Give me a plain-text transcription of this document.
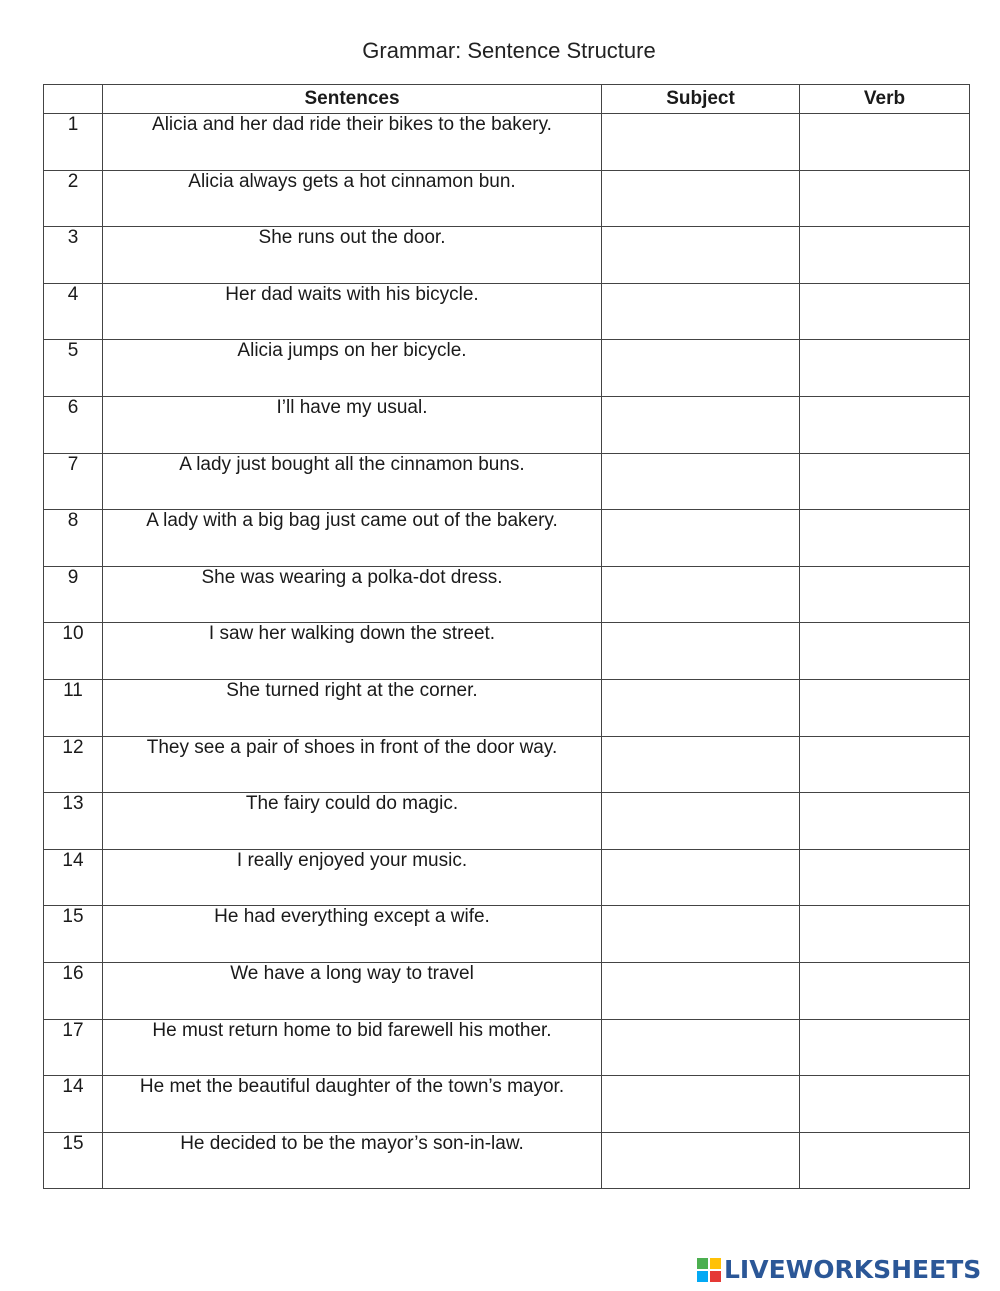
Grammar: Sentence Structure
	Sentences	Subject	Verb
1	Alicia and her dad ride their bikes to the bakery.		
2	Alicia always gets a hot cinnamon bun.		
3	She runs out the door.		
4	Her dad waits with his bicycle.		
5	Alicia jumps on her bicycle.		
6	I’ll have my usual.		
7	A lady just bought all the cinnamon buns.		
8	A lady with a big bag just came out of the bakery.		
9	She was wearing a polka-dot dress.		
10	I saw her walking down the street.		
11	She turned right at the corner.		
12	They see a pair of shoes in front of the door way.		
13	The fairy could do magic.		
14	I really enjoyed your music.		
15	He had everything except a wife.		
16	We have a long way to travel		
17	He must return home to bid farewell his mother.		
14	He met the beautiful daughter of the town’s mayor.		
15	He decided to be the mayor’s son-in-law.		
LIVEWORKSHEETS
